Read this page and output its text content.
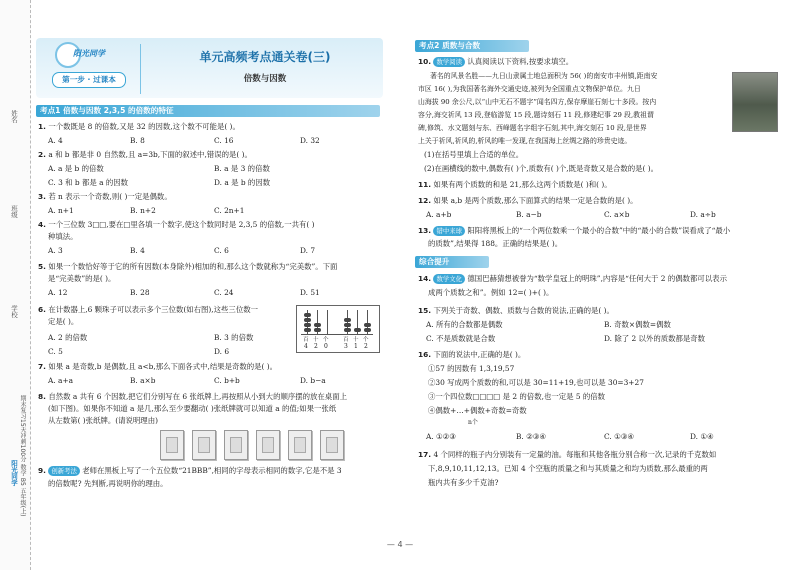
姓名
班级
学校
阳光同学 期末复习15天冲刺100分 数学 B5 五年级(上)
阳光同学
第一步 · 过课本
单元高频考点通关卷(三)
倍数与因数
考点1 倍数与因数 2,3,5 的倍数的特征
1. 一个数既是 8 的倍数,又是 32 的因数,这个数不可能是( )。
A. 4	B. 8	C. 16	D. 32
2. a 和 b 都是非 0 自然数,且 a=3b,下面的叙述中,错误的是( )。
A. a 是 b 的倍数	B. a 是 3 的倍数
C. 3 和 b 都是 a 的因数	D. a 是 b 的因数
3. 若 n 表示一个奇数,则( )一定是偶数。
A. n+1	B. n+2	C. 2n+1
4. 一个三位数 3□□,要在□里各填一个数字,使这个数同时是 2,3,5 的倍数,一共有( )
种填法。
A. 3	B. 4	C. 6	D. 7
5. 如果一个数恰好等于它的所有因数(本身除外)相加的和,那么这个数就称为“完美数”。下面
是“完美数”的是( )。
A. 12	B. 28	C. 24	D. 51
6. 在计数器上,6 颗珠子可以表示多个三位数(如右图),这些三位数一
定是( )。
A. 2 的倍数	B. 3 的倍数
C. 5	D. 6
百 十 个	百 十 个
4 2 0	3 1 2
7. 如果 a 是奇数,b 是偶数,且 a<b,那么下面各式中,结果是奇数的是( )。
A. a+a	B. a×b	C. b+b	D. b−a
8. 自然数 a 共有 6 个因数,把它们分别写在 6 张纸牌上,再按照从小到大的顺序摆的放在桌面上
(如下图)。如果你不知道 a 是几,那么至少要翻动( )张纸牌就可以知道 a 的值;如果一张纸
从左数第( )张纸牌。(请说明理由)
9. 创新考法 老师在黑板上写了一个五位数“21BBB”,相同的字母表示相同的数字,它是不是 3
的倍数呢? 先判断,再说明你的理由。
考点2 质数与合数
10. 数学阅读 认真阅读以下资料,按要求填空。
著名的风景名胜——九日山隶属土地总面积为 56( )的南安市丰州镇,距南安
市区 16( ),为我国著名海外交通史迹,被列为全国重点文物保护单位。九日
山海拔 90 余公尺,以“山中无石不题字”闻名四方,保存摩崖石刻七十多段。按内
容分,海交祈风 13 段,登临游览 15 段,题诗刻石 11 段,修建纪事 29 段,教祖谓
碑,修筑、水文题刻与东、西峰题名字组字石刻,其中,海交刻石 10 段,是世界
上关于祈风,祈风的,析风的唯一发现,在我国海上丝绸之路的珍贵史迹。
(1)在括号里填上合适的单位。
(2)在画横线的数中,偶数有( )个,质数有( )个,既是奇数又是合数的是( )。
11. 如果有两个质数的和是 21,那么这两个质数是( )和( )。
12. 如果 a,b 是两个质数,那么下面算式的结果一定是合数的是( )。
A. a+b	B. a−b	C. a×b	D. a÷b
13. 错中来球 阳阳将黑板上的“一个两位数乘一个最小的合数”中的“最小的合数”误看成了“最小
的质数”,结果得 188。正确的结果是( )。
综合提升
14. 数学文化 德国巴赫猜想被誉为“数学皇冠上的明珠”,内容是“任何大于 2 的偶数都可以表示
成两个质数之和”。例如 12=( )+( )。
15. 下列关于奇数、偶数、质数与合数的说法,正确的是( )。
A. 所有的合数都是偶数	B. 奇数×偶数=偶数
C. 不是质数就是合数	D. 除了 2 以外的质数都是奇数
16. 下面的说法中,正确的是( )。
①57 的因数有 1,3,19,57
②30 写成两个质数的和,可以是 30=11+19,也可以是 30=3+27
③一个四位数□□□□ 是 2 的倍数,也一定是 5 的倍数
④偶数+…+偶数+奇数=奇数
n个
A. ①②③	B. ②③④	C. ①③④	D. ①④
17. 4 个同样的瓶子内分别装有一定量的油。每瓶和其他各瓶分别合称一次,记录的千克数如
下,8,9,10,11,12,13。已知 4 个空瓶的质量之和与其质量之和均为质数,那么最重的两
瓶内共有多少千克油?
— 4 —
